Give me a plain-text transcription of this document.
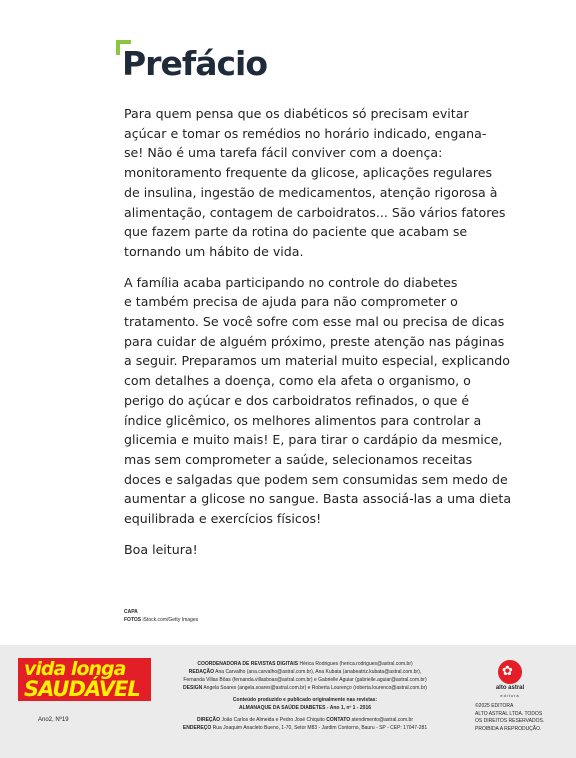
Prefácio

Para quem pensa que os diabéticos só precisam evitar
açúcar e tomar os remédios no horário indicado, engana-
se! Não é uma tarefa fácil conviver com a doença:
monitoramento frequente da glicose, aplicações regulares
de insulina, ingestão de medicamentos, atenção rigorosa à
alimentação, contagem de carboidratos... São vários fatores
que fazem parte da rotina do paciente que acabam se
tornando um hábito de vida.

A família acaba participando no controle do diabetes
e também precisa de ajuda para não comprometer o
tratamento. Se você sofre com esse mal ou precisa de dicas
para cuidar de alguém próximo, preste atenção nas páginas
a seguir. Preparamos um material muito especial, explicando
com detalhes a doença, como ela afeta o organismo, o
perigo do açúcar e dos carboidratos refinados, o que é
índice glicêmico, os melhores alimentos para controlar a
glicemia e muito mais! E, para tirar o cardápio da mesmice,
mas sem comprometer a saúde, selecionamos receitas
doces e salgadas que podem sem consumidas sem medo de
aumentar a glicose no sangue. Basta associá-las a uma dieta
equilibrada e exercícios físicos!

Boa leitura!

CAPA
FOTOS iStock.com/Getty Images
vida longa
SAUDÁVEL
Ano2, Nº19
COORDENADORA DE REVISTAS DIGITAIS Hérica Rodrigues (herica.rodrigues@astral.com.br)
REDAÇÃO Ana Carvalho (ana.carvalho@astral.com.br), Ana Kubata (anabeatriz.kubata@astral.com.br),
Fernanda Villas Bôas (fernanda.villasboas@astral.com.br) e Gabrielle Aguiar (gabrielle.aguiar@astral.com.br)
DESIGN Angela Soares (angela.soares@astral.com.br) e Roberta Lourenço (roberta.lourenco@astral.com.br)
Conteúdo produzido e publicado originalmente nas revistas:
ALMANAQUE DA SAÚDE DIABETES - Ano 1, nº 1 - 2016
DIREÇÃO João Carlos de Almeida e Pedro José Chiquito CONTATO atendimento@astral.com.br
ENDEREÇO Rua Joaquim Anacleto Bueno, 1-70, Setor M83 - Jardim Contorno, Bauru - SP - CEP: 17047-281
✿
alto astral
editora
©2025 EDITORA
ALTO ASTRAL LTDA. TODOS
OS DIREITOS RESERVADOS.
PROIBIDA A REPRODUÇÃO.
